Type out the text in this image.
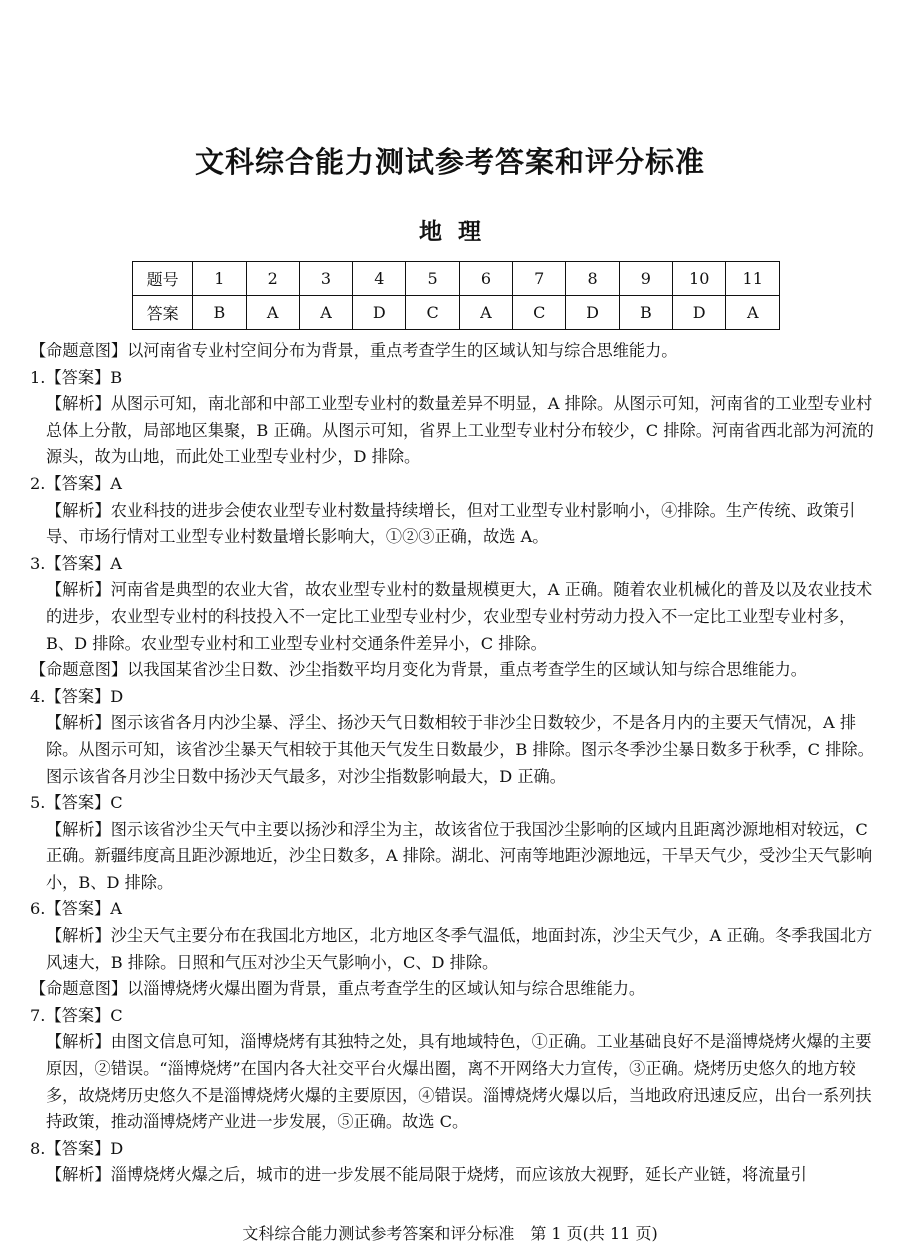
文科综合能力测试参考答案和评分标准
地理
题号	1	2	3	4	5	6	7	8	9	10	11
答案	B	A	A	D	C	A	C	D	B	D	A

【命题意图】以河南省专业村空间分布为背景，重点考查学生的区域认知与综合思维能力。

1.【答案】B

【解析】从图示可知，南北部和中部工业型专业村的数量差异不明显，A 排除。从图示可知，河南省的工业型专业村总体上分散，局部地区集聚，B 正确。从图示可知，省界上工业型专业村分布较少，C 排除。河南省西北部为河流的源头，故为山地，而此处工业型专业村少，D 排除。

2.【答案】A

【解析】农业科技的进步会使农业型专业村数量持续增长，但对工业型专业村影响小，④排除。生产传统、政策引导、市场行情对工业型专业村数量增长影响大，①②③正确，故选 A。

3.【答案】A

【解析】河南省是典型的农业大省，故农业型专业村的数量规模更大，A 正确。随着农业机械化的普及以及农业技术的进步，农业型专业村的科技投入不一定比工业型专业村少，农业型专业村劳动力投入不一定比工业型专业村多，B、D 排除。农业型专业村和工业型专业村交通条件差异小，C 排除。

【命题意图】以我国某省沙尘日数、沙尘指数平均月变化为背景，重点考查学生的区域认知与综合思维能力。

4.【答案】D

【解析】图示该省各月内沙尘暴、浮尘、扬沙天气日数相较于非沙尘日数较少，不是各月内的主要天气情况，A 排除。从图示可知，该省沙尘暴天气相较于其他天气发生日数最少，B 排除。图示冬季沙尘暴日数多于秋季，C 排除。图示该省各月沙尘日数中扬沙天气最多，对沙尘指数影响最大，D 正确。

5.【答案】C

【解析】图示该省沙尘天气中主要以扬沙和浮尘为主，故该省位于我国沙尘影响的区域内且距离沙源地相对较远，C 正确。新疆纬度高且距沙源地近，沙尘日数多，A 排除。湖北、河南等地距沙源地远，干旱天气少，受沙尘天气影响小，B、D 排除。

6.【答案】A

【解析】沙尘天气主要分布在我国北方地区，北方地区冬季气温低，地面封冻，沙尘天气少，A 正确。冬季我国北方风速大，B 排除。日照和气压对沙尘天气影响小，C、D 排除。

【命题意图】以淄博烧烤火爆出圈为背景，重点考查学生的区域认知与综合思维能力。

7.【答案】C

【解析】由图文信息可知，淄博烧烤有其独特之处，具有地域特色，①正确。工业基础良好不是淄博烧烤火爆的主要原因，②错误。“淄博烧烤”在国内各大社交平台火爆出圈，离不开网络大力宣传，③正确。烧烤历史悠久的地方较多，故烧烤历史悠久不是淄博烧烤火爆的主要原因，④错误。淄博烧烤火爆以后，当地政府迅速反应，出台一系列扶持政策，推动淄博烧烤产业进一步发展，⑤正确。故选 C。

8.【答案】D

【解析】淄博烧烤火爆之后，城市的进一步发展不能局限于烧烤，而应该放大视野，延长产业链，将流量引

文科综合能力测试参考答案和评分标准　第 1 页(共 11 页)
